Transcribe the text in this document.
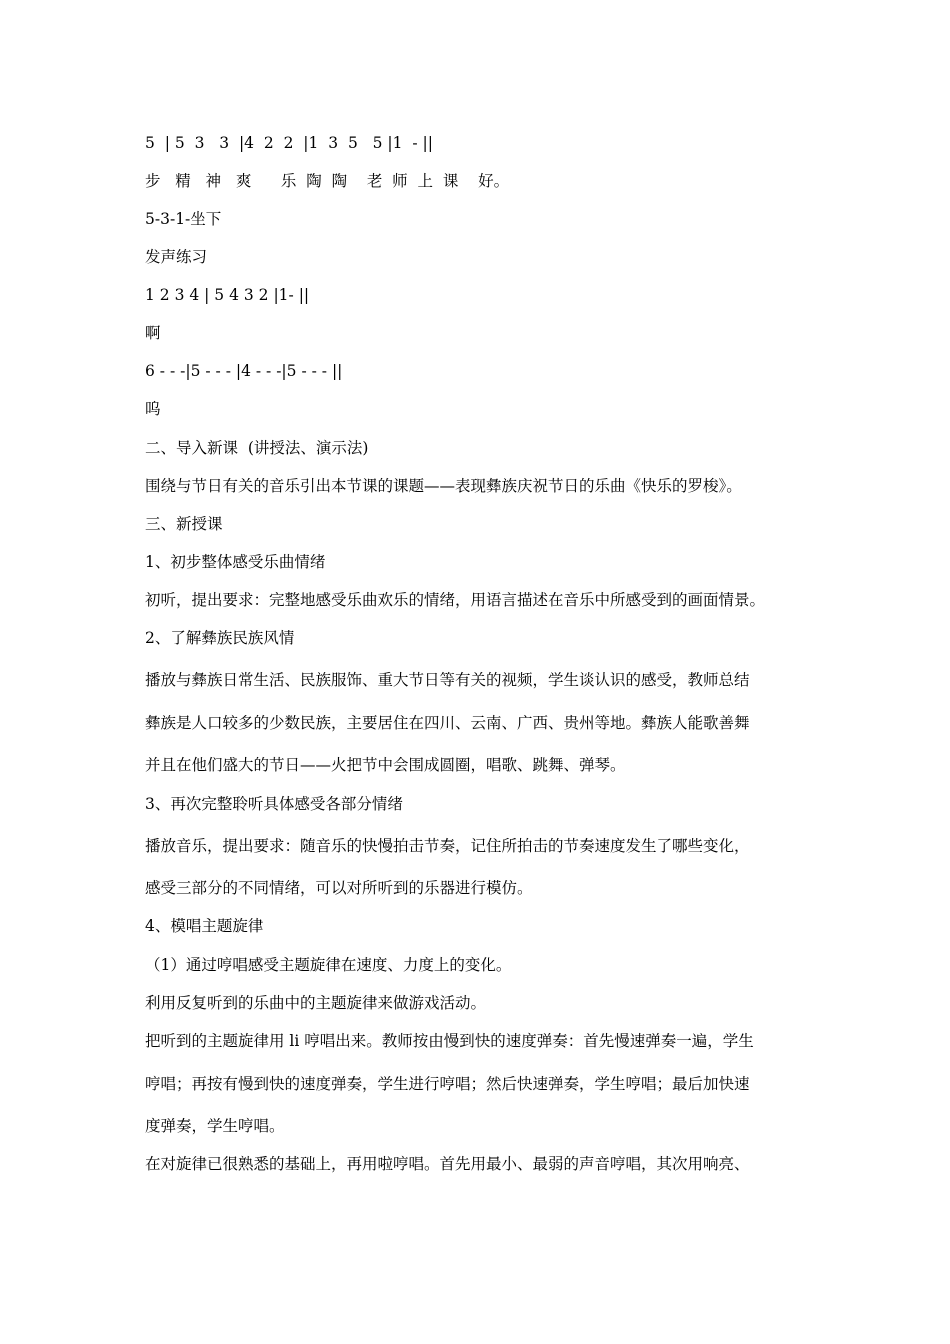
5  | 5  3   3  |4  2  2  |1  3  5   5 |1  - ||
步   精   神   爽      乐  陶  陶    老  师  上  课    好。
5-3-1-坐下
发声练习
1 2 3 4 | 5 4 3 2 |1- ||
啊
6 - - -|5 - - - |4 - - -|5 - - - ||
呜
二、导入新课  (讲授法、演示法)
围绕与节日有关的音乐引出本节课的课题——表现彝族庆祝节日的乐曲《快乐的罗梭》。
三、新授课
1、初步整体感受乐曲情绪
初听，提出要求：完整地感受乐曲欢乐的情绪，用语言描述在音乐中所感受到的画面情景。
2、了解彝族民族风情
播放与彝族日常生活、民族服饰、重大节日等有关的视频，学生谈认识的感受，教师总结
彝族是人口较多的少数民族，主要居住在四川、云南、广西、贵州等地。彝族人能歌善舞
并且在他们盛大的节日——火把节中会围成圆圈，唱歌、跳舞、弹琴。
3、再次完整聆听具体感受各部分情绪
播放音乐，提出要求：随音乐的快慢拍击节奏，记住所拍击的节奏速度发生了哪些变化，
感受三部分的不同情绪，可以对所听到的乐器进行模仿。
4、模唱主题旋律
（1）通过哼唱感受主题旋律在速度、力度上的变化。
利用反复听到的乐曲中的主题旋律来做游戏活动。
把听到的主题旋律用 li 哼唱出来。教师按由慢到快的速度弹奏：首先慢速弹奏一遍，学生
哼唱；再按有慢到快的速度弹奏，学生进行哼唱；然后快速弹奏，学生哼唱；最后加快速
度弹奏，学生哼唱。
在对旋律已很熟悉的基础上，再用啦哼唱。首先用最小、最弱的声音哼唱，其次用响亮、
